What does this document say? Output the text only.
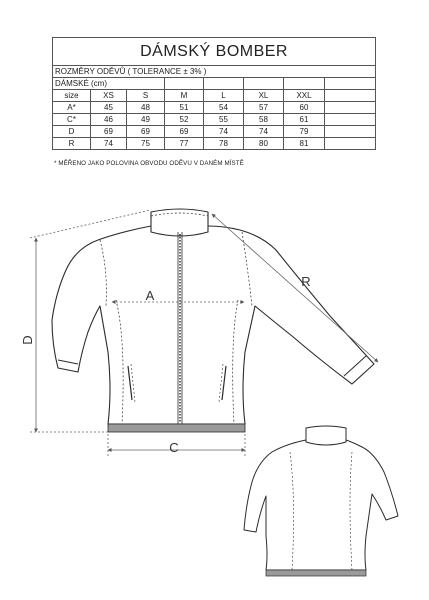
DÁMSKÝ BOMBER							
ROZMĚRY ODĚVŮ ( TOLERANCE ± 3% )							
DÁMSKÉ (cm)							
size	XS	S	M	L	XL	XXL	
A*	45	48	51	54	57	60	
C*	46	49	52	55	58	61	
D	69	69	69	74	74	79	
R	74	75	77	78	80	81	
* MĚŘENO JAKO POLOVINA OBVODU ODĚVU V DANÉM MÍSTĚ
A
C
D
R
